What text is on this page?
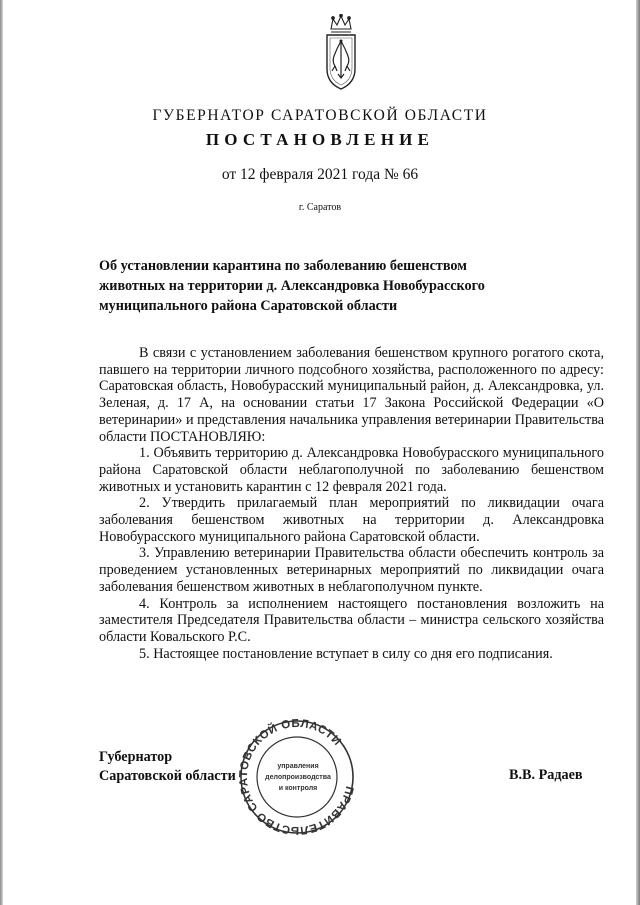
ГУБЕРНАТОР САРАТОВСКОЙ ОБЛАСТИ
ПОСТАНОВЛЕНИЕ
от 12 февраля 2021 года № 66
г. Саратов
Об установлении карантина по заболеванию бешенством
животных на территории д. Александровка Новобурасского
муниципального района Саратовской области

В связи с установлением заболевания бешенством крупного рогатого скота, павшего на территории личного подсобного хозяйства, расположенного по адресу: Саратовская область, Новобурасский муниципальный район, д. Александровка, ул. Зеленая, д. 17 А, на основании статьи 17 Закона Российской Федерации «О ветеринарии» и представления начальника управления ветеринарии Правительства области ПОСТАНОВЛЯЮ:

1. Объявить территорию д. Александровка Новобурасского муниципального района Саратовской области неблагополучной по заболеванию бешенством животных и установить карантин с 12 февраля 2021 года.

2. Утвердить прилагаемый план мероприятий по ликвидации очага заболевания бешенством животных на территории д. Александровка Новобурасского муниципального района Саратовской области.

3. Управлению ветеринарии Правительства области обеспечить контроль за проведением установленных ветеринарных мероприятий по ликвидации очага заболевания бешенством животных в неблагополучном пункте.

4. Контроль за исполнением настоящего постановления возложить на заместителя Председателя Правительства области – министра сельского хозяйства области Ковальского Р.С.

5. Настоящее постановление вступает в силу со дня его подписания.

Губернатор
Саратовской области
ПРАВИТЕЛЬСТВО САРАТОВСКОЙ ОБЛАСТИ
управления
делопроизводства
и контроля
В.В. Радаев
